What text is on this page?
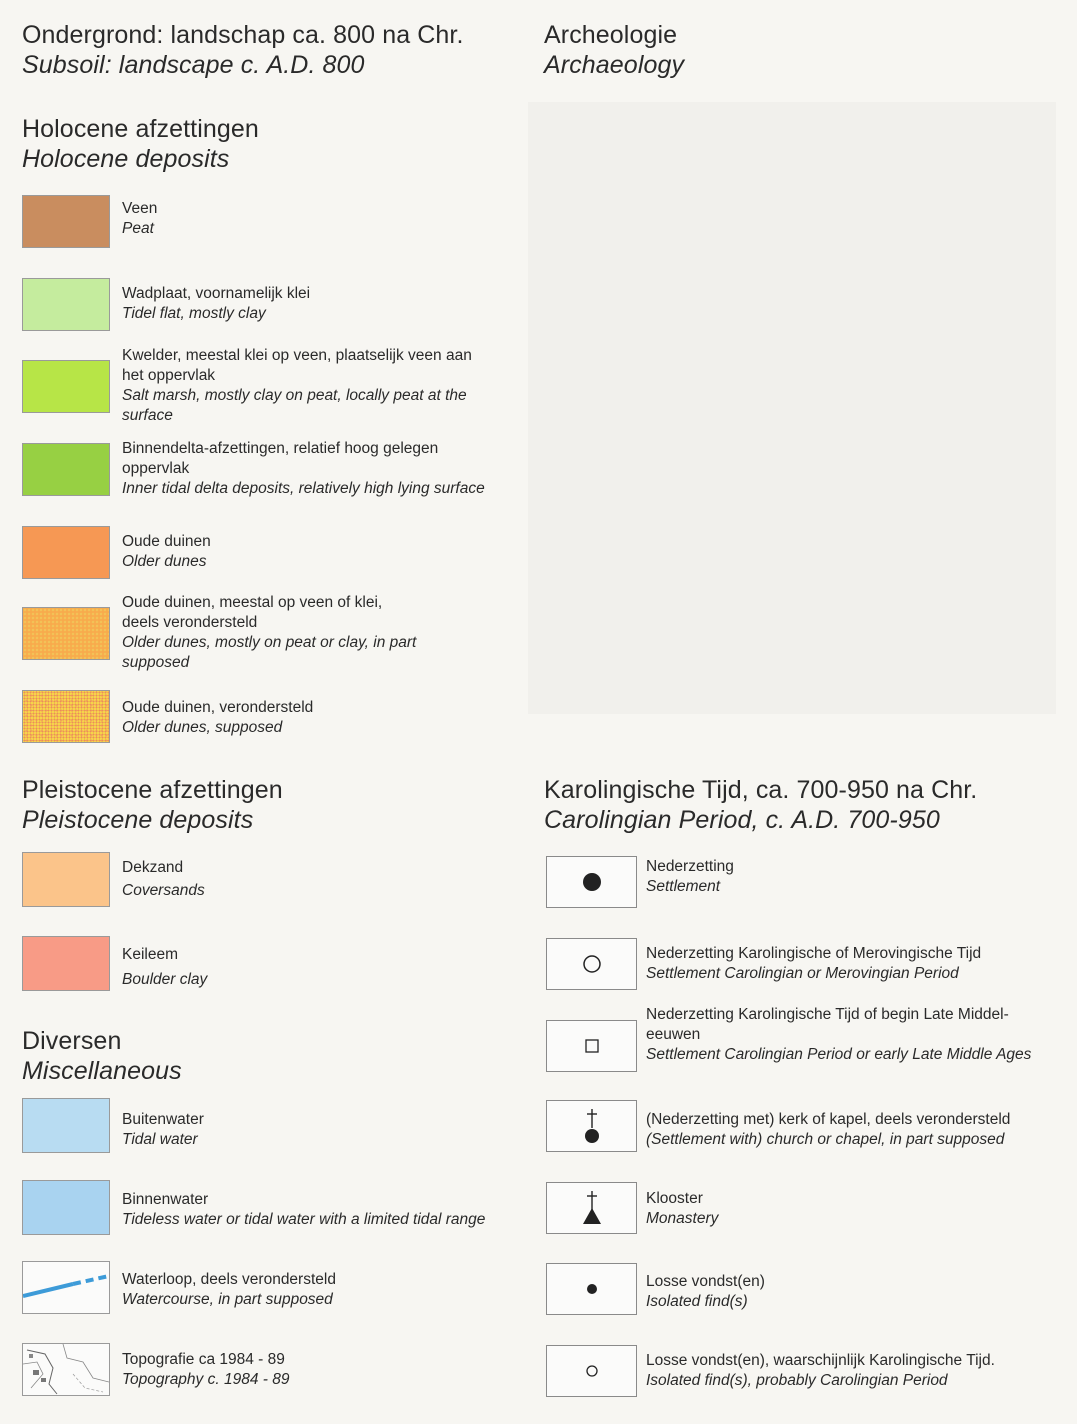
Ondergrond: landschap ca. 800 na Chr.
Subsoil: landscape c. A.D. 800
Archeologie
Archaeology
Holocene afzettingen
Holocene deposits
Veen
Peat
Wadplaat, voornamelijk klei
Tidel flat, mostly clay
Kwelder, meestal klei op veen, plaatselijk veen aan het oppervlak
Salt marsh, mostly clay on peat, locally peat at the surface
Binnendelta-afzettingen, relatief hoog gelegen oppervlak
Inner tidal delta deposits, relatively high lying surface
Oude duinen
Older dunes
Oude duinen, meestal op veen of klei, deels verondersteld
Older dunes, mostly on peat or clay, in part supposed
Oude duinen, verondersteld
Older dunes, supposed
Pleistocene afzettingen
Pleistocene deposits
Dekzand
Coversands
Keileem
Boulder clay
Diversen
Miscellaneous
Buitenwater
Tidal water
Binnenwater
Tideless water or tidal water with a limited tidal range
Waterloop, deels verondersteld
Watercourse, in part supposed
Topografie ca 1984 - 89
Topography c. 1984 - 89
Karolingische Tijd, ca. 700-950 na Chr.
Carolingian Period, c. A.D. 700-950
Nederzetting
Settlement
Nederzetting Karolingische of Merovingische Tijd
Settlement Carolingian or Merovingian Period
Nederzetting Karolingische Tijd of begin Late Middel-eeuwen
Settlement Carolingian Period or early Late Middle Ages
(Nederzetting met) kerk of kapel, deels verondersteld
(Settlement with) church or chapel, in part supposed
Klooster
Monastery
Losse vondst(en)
Isolated find(s)
Losse vondst(en), waarschijnlijk Karolingische Tijd.
Isolated find(s), probably Carolingian Period
